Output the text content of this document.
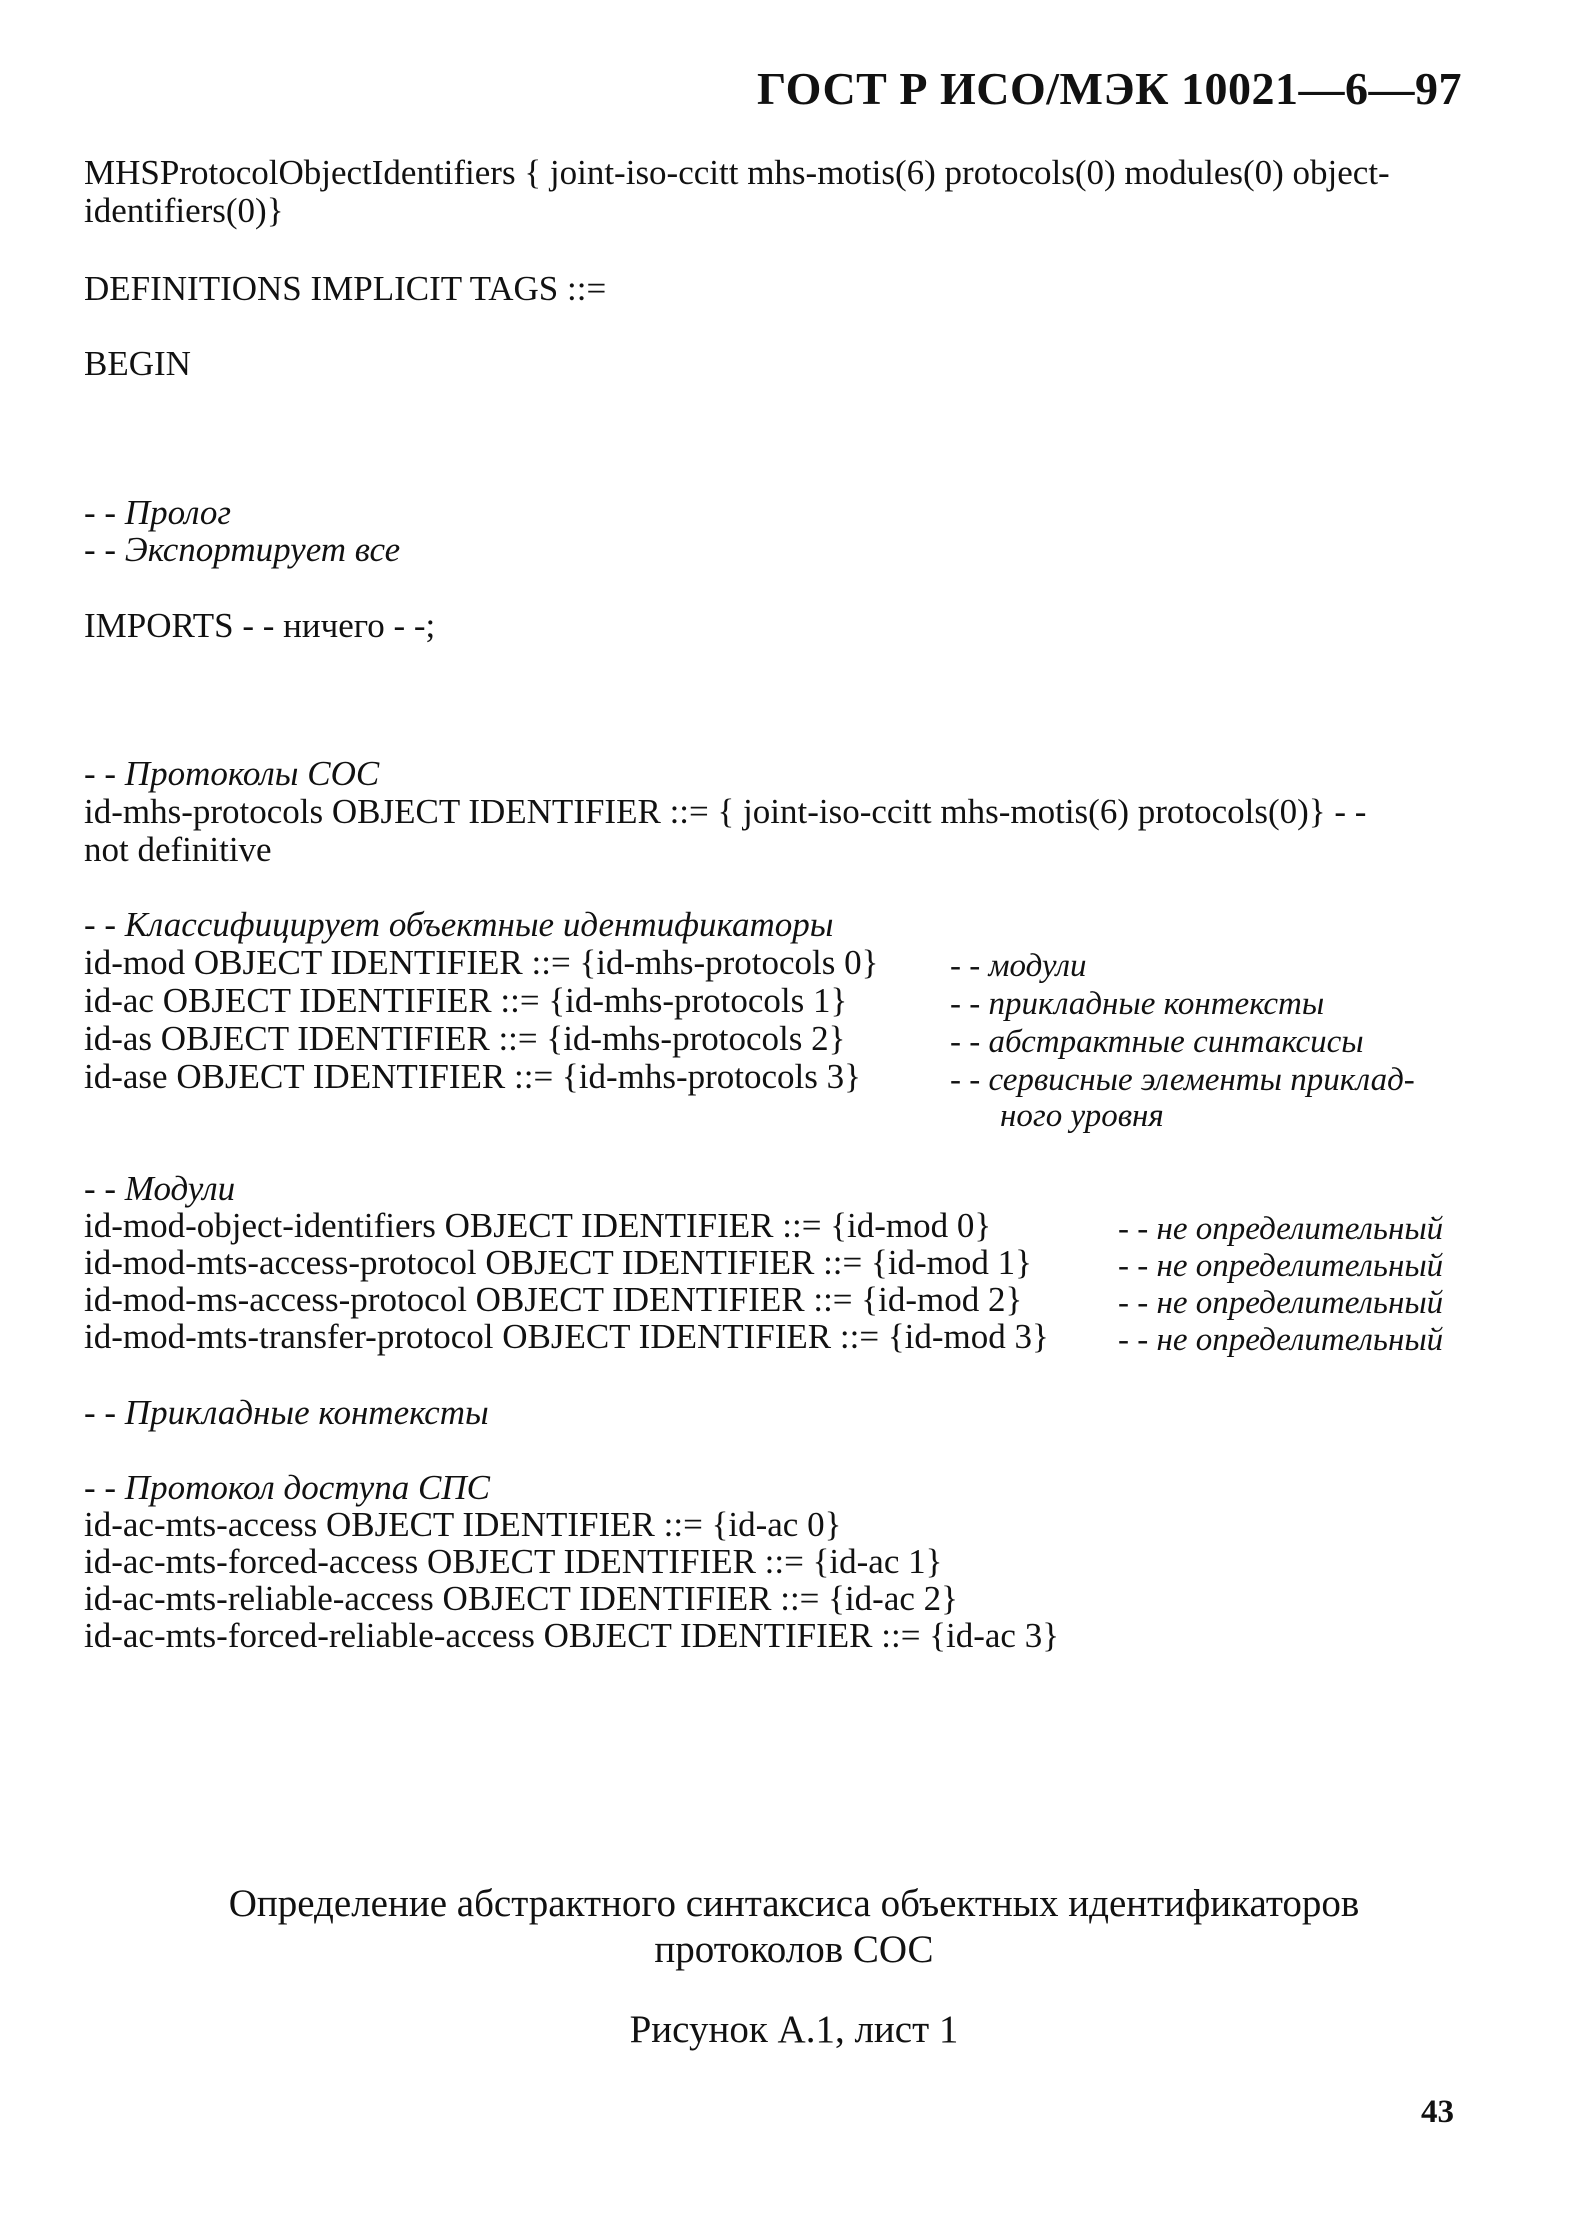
ГОСТ Р ИСО/МЭК 10021—6—97
MHSProtocolObjectIdentifiers { joint-iso-ccitt mhs-motis(6) protocols(0) modules(0) object-
identifiers(0)}
DEFINITIONS IMPLICIT TAGS ::=
BEGIN
- - Пролог
- - Экспортирует все
IMPORTS - - ничего - -;
- - Протоколы СОС
id-mhs-protocols OBJECT IDENTIFIER ::= { joint-iso-ccitt mhs-motis(6) protocols(0)} - -
not definitive
- - Классифицирует объектные идентификаторы
id-mod OBJECT IDENTIFIER ::= {id-mhs-protocols 0} - - модули
id-ac OBJECT IDENTIFIER ::= {id-mhs-protocols 1}	- - прикладные контексты
id-as OBJECT IDENTIFIER ::= {id-mhs-protocols 2}	- - абстрактные синтаксисы
id-ase OBJECT IDENTIFIER ::= {id-mhs-protocols 3}	- - сервисные элементы приклад-
ного уровня
- - Модули
id-mod-object-identifiers OBJECT IDENTIFIER ::= {id-mod 0}	- - не определительный
id-mod-mts-access-protocol OBJECT IDENTIFIER ::= {id-mod 1}	- - не определительный
id-mod-ms-access-protocol OBJECT IDENTIFIER ::= {id-mod 2}	- - не определительный
id-mod-mts-transfer-protocol OBJECT IDENTIFIER ::= {id-mod 3} - - не определительный
- - Прикладные контексты
- - Протокол доступа СПС
id-ac-mts-access OBJECT IDENTIFIER ::= {id-ac 0}
id-ac-mts-forced-access OBJECT IDENTIFIER ::= {id-ac 1}
id-ac-mts-reliable-access OBJECT IDENTIFIER ::= {id-ac 2}
id-ac-mts-forced-reliable-access OBJECT IDENTIFIER ::= {id-ac 3}
Определение абстрактного синтаксиса объектных идентификаторов
протоколов СОС
Рисунок А.1, лист 1
43
